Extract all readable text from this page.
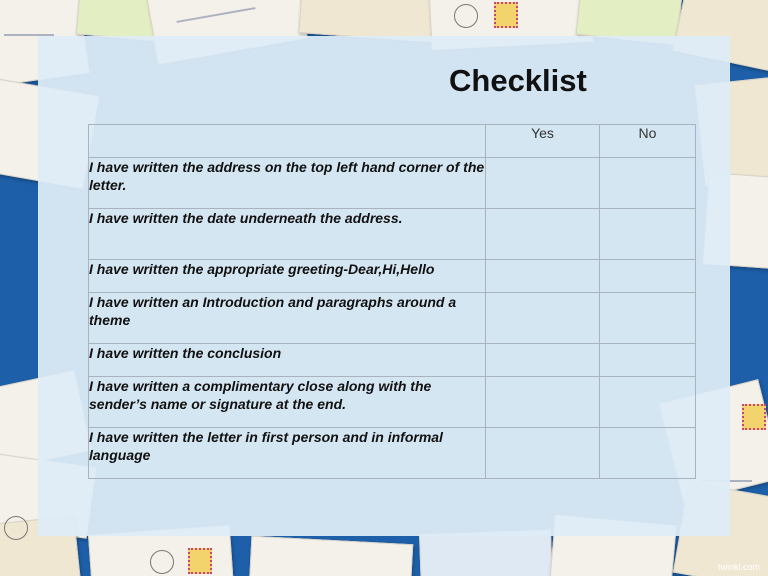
Checklist
	Yes	No
I have written the address on the top left hand corner of the letter.		
I have written the date underneath the address.		
I have written the appropriate greeting-Dear,Hi,Hello		
I have written an Introduction and paragraphs around a theme		
I have written the conclusion		
I have written a complimentary close along with the sender’s name or signature at the end.		
I have written the letter in first person and in informal language		
twinkl.com
